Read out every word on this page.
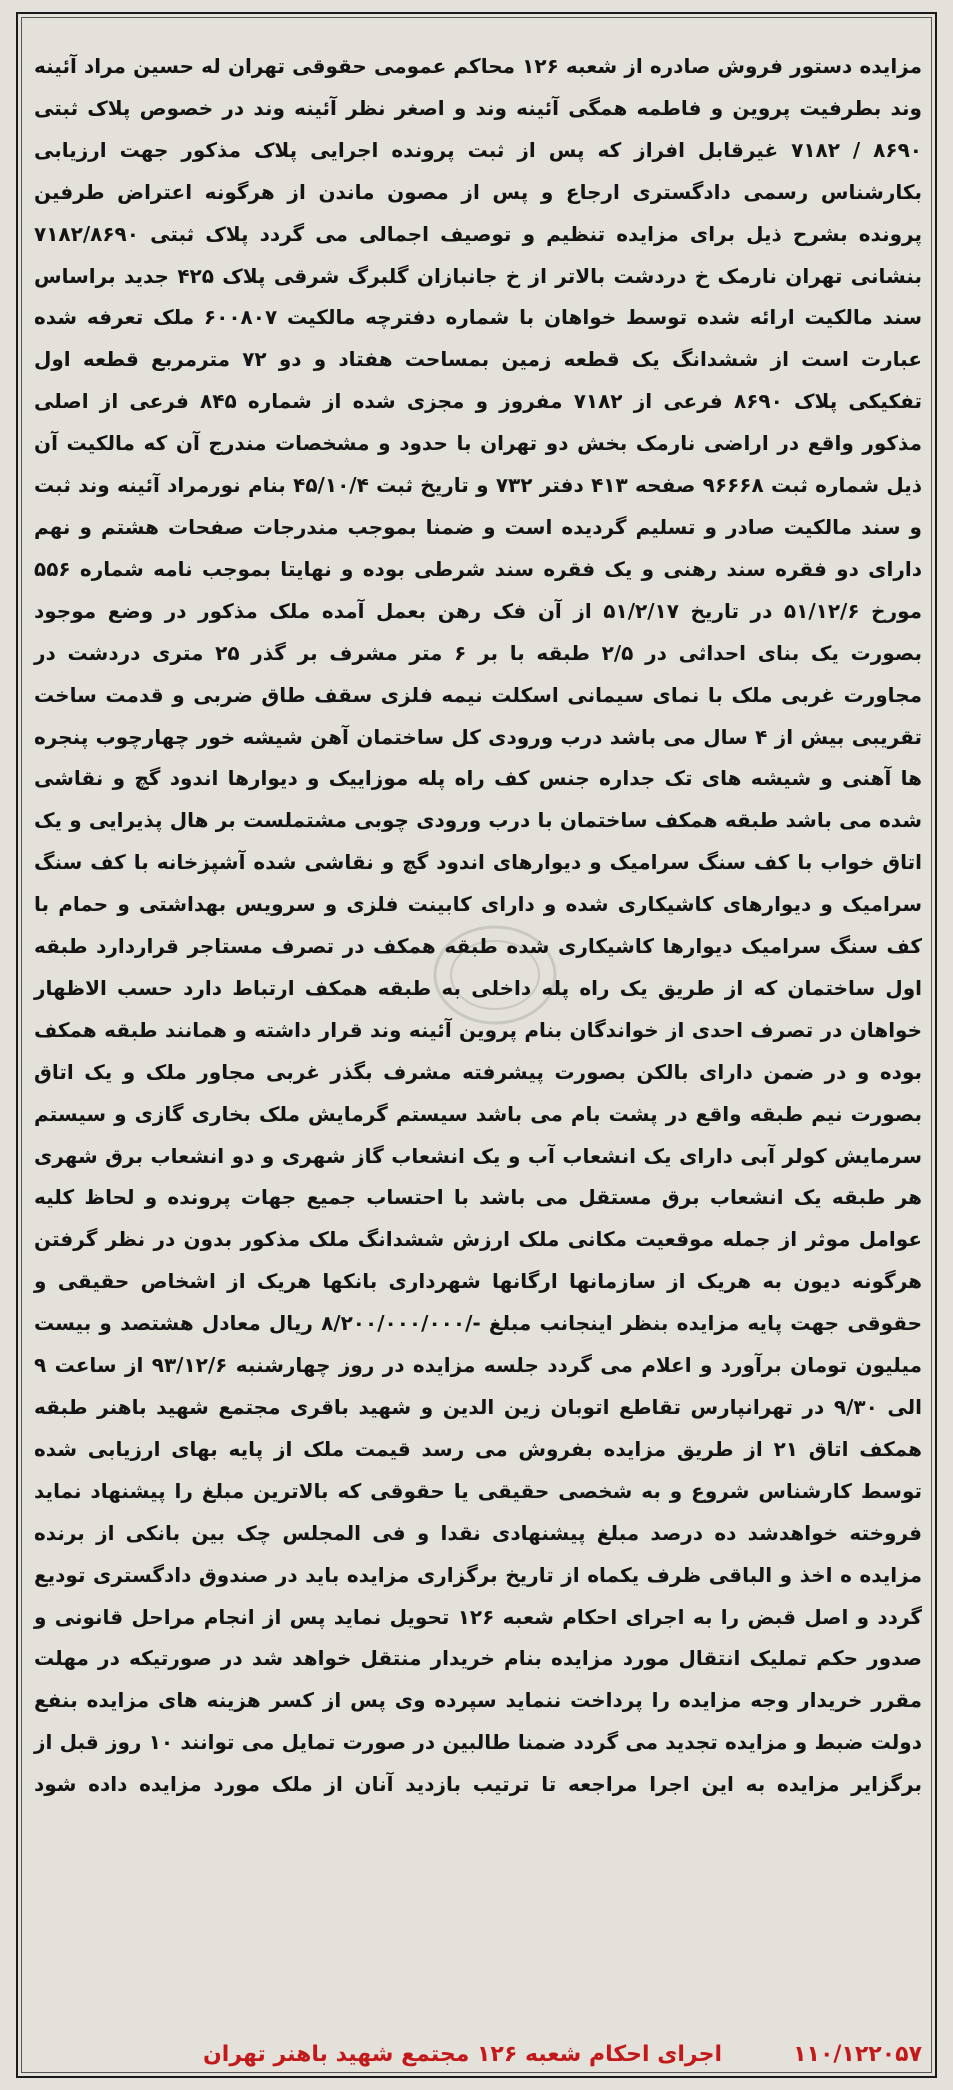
مزایده دستور فروش صادره از شعبه ۱۲۶ محاکم عمومی حقوقی تهران له حسین مراد آئینه وند بطرفیت پروین و فاطمه همگی آئینه وند و اصغر نظر آئینه وند در خصوص پلاک ثبتی ۸۶۹۰ / ۷۱۸۲ غیرقابل افراز که پس از ثبت پرونده اجرایی پلاک مذکور جهت ارزیابی بکارشناس رسمی دادگستری ارجاع و پس از مصون ماندن از هرگونه اعتراض طرفین پرونده بشرح ذیل برای مزایده تنظیم و توصیف اجمالی می گردد پلاک ثبتی ۷۱۸۲/۸۶۹۰ بنشانی تهران نارمک خ دردشت بالاتر از خ جانبازان گلبرگ شرقی پلاک ۴۲۵ جدید براساس سند مالکیت ارائه شده توسط خواهان با شماره دفترچه مالکیت ۶۰۰۸۰۷ ملک تعرفه شده عبارت است از ششدانگ یک قطعه زمین بمساحت هفتاد و دو ۷۲ مترمربع قطعه اول تفکیکی پلاک ۸۶۹۰ فرعی از ۷۱۸۲ مفروز و مجزی شده از شماره ۸۴۵ فرعی از اصلی مذکور واقع در اراضی نارمک بخش دو تهران با حدود و مشخصات مندرج آن که مالکیت آن ذیل شماره ثبت ۹۶۶۶۸ صفحه ۴۱۳ دفتر ۷۳۲ و تاریخ ثبت ۴۵/۱۰/۴ بنام نورمراد آئینه وند ثبت و سند مالکیت صادر و تسلیم گردیده است و ضمنا بموجب مندرجات صفحات هشتم و نهم دارای دو فقره سند رهنی و یک فقره سند شرطی بوده و نهایتا بموجب نامه شماره ۵۵۶ مورخ ۵۱/۱۲/۶ در تاریخ ۵۱/۲/۱۷ از آن فک رهن بعمل آمده ملک مذکور در وضع موجود بصورت یک بنای احداثی در ۲/۵ طبقه با بر ۶ متر مشرف بر گذر ۲۵ متری دردشت در مجاورت غربی ملک با نمای سیمانی اسکلت نیمه فلزی سقف طاق ضربی و قدمت ساخت تقریبی بیش از ۴ سال می باشد درب ورودی کل ساختمان آهن شیشه خور چهارچوب پنجره ها آهنی و شیشه های تک جداره جنس کف راه پله موزاییک و دیوارها اندود گچ و نقاشی شده می باشد طبقه همکف ساختمان با درب ورودی چوبی مشتملست بر هال پذیرایی و یک اتاق خواب با کف سنگ سرامیک و دیوارهای اندود گچ و نقاشی شده آشپزخانه با کف سنگ سرامیک و دیوارهای کاشیکاری شده و دارای کابینت فلزی و سرویس بهداشتی و حمام با کف سنگ سرامیک دیوارها کاشیکاری شده طبقه همکف در تصرف مستاجر قراردارد طبقه اول ساختمان که از طریق یک راه پله داخلی به طبقه همکف ارتباط دارد حسب الاظهار خواهان در تصرف احدی از خواندگان بنام پروین آئینه وند قرار داشته و همانند طبقه همکف بوده و در ضمن دارای بالکن بصورت پیشرفته مشرف بگذر غربی مجاور ملک و یک اتاق بصورت نیم طبقه واقع در پشت بام می باشد سیستم گرمایش ملک بخاری گازی و سیستم سرمایش کولر آبی دارای یک انشعاب آب و یک انشعاب گاز شهری و دو انشعاب برق شهری هر طبقه یک انشعاب برق مستقل می باشد با احتساب جمیع جهات پرونده و لحاظ کلیه عوامل موثر از جمله موقعیت مکانی ملک ارزش ششدانگ ملک مذکور بدون در نظر گرفتن هرگونه دیون به هریک از سازمانها ارگانها شهرداری بانکها هریک از اشخاص حقیقی و حقوقی جهت پایه مزایده بنظر اینجانب مبلغ -/۸/۲۰۰/۰۰۰/۰۰۰ ریال معادل هشتصد و بیست میلیون تومان برآورد و اعلام می گردد جلسه مزایده در روز چهارشنبه ۹۳/۱۲/۶ از ساعت ۹ الی ۹/۳۰ در تهرانپارس تقاطع اتوبان زین الدین و شهید باقری مجتمع شهید باهنر طبقه همکف اتاق ۲۱ از طریق مزایده بفروش می رسد قیمت ملک از پایه بهای ارزیابی شده توسط کارشناس شروع و به شخصی حقیقی یا حقوقی که بالاترین مبلغ را پیشنهاد نماید فروخته خواهدشد ده درصد مبلغ پیشنهادی نقدا و فی المجلس چک بین بانکی از برنده مزایده ه اخذ و الباقی ظرف یکماه از تاریخ برگزاری مزایده باید در صندوق دادگستری تودیع گردد و اصل قبض را به اجرای احکام شعبه ۱۲۶ تحویل نماید پس از انجام مراحل قانونی و صدور حکم تملیک انتقال مورد مزایده بنام خریدار منتقل خواهد شد در صورتیکه در مهلت مقرر خریدار وجه مزایده را پرداخت ننماید سپرده وی پس از کسر هزینه های مزایده بنفع دولت ضبط و مزایده تجدید می گردد ضمنا طالبین در صورت تمایل می توانند ۱۰ روز قبل از برگزایر مزایده به این اجرا مراجعه تا ترتیب بازدید آنان از ملک مورد مزایده داده شود

اجرای احکام شعبه ۱۲۶ مجتمع شهید باهنر تهران	۱۱۰/۱۲۲۰۵۷
